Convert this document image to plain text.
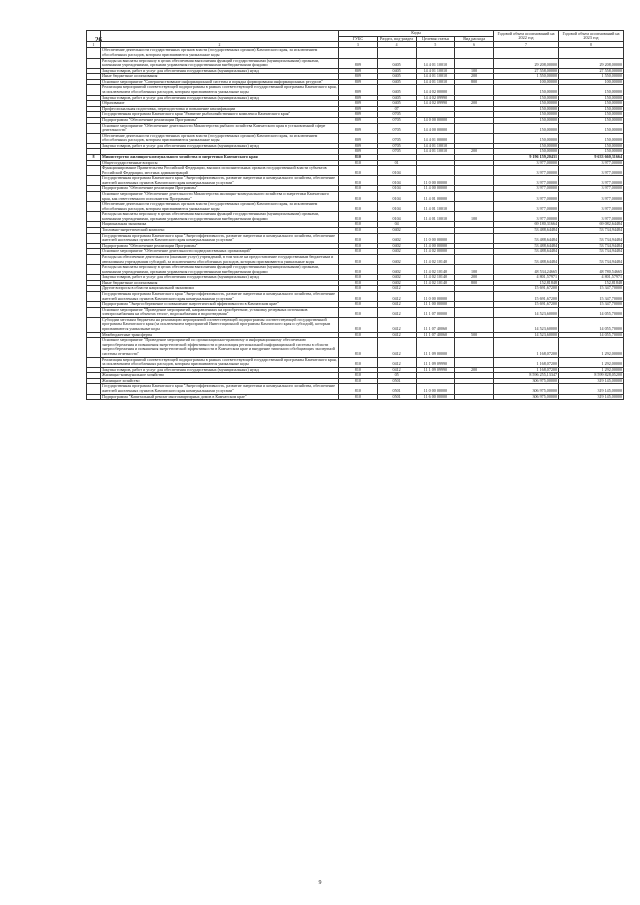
26
		Коды				Годовой объем ассигнований на 2022 год	Годовой объем ассигнований на 2023 год
		ГУБС	Раздел, под-раздел	Целевая статья	Вид расхода		
1	2	3	4	5	6	7	8
	Обеспечение деятельности государственных органов власти (государственных органов) Камчатского края, за исключением обособленных расходов, которым присваиваются уникальные коды						
	Расходы на выплаты персоналу в целях обеспечения выполнения функций государственными (муниципальными) органами, казенными учреждениями, органами управления государственными внебюджетными фондами	809	0405	14 4 01 10010		29 208,00000	29 208,00000
	Закупка товаров, работ и услуг для обеспечения государственных (муниципальных) нужд	809	0405	14 4 01 10010	100	27 558,00000	27 558,00000
	Иные бюджетные ассигнования	809	0405	14 4 01 10010	200	1 550,00000	1 550,00000
	Основное мероприятие "Совершенствование информационной системы и порядка формирования информационных ресурсов"	809	0405	14 4 01 10010	800	100,00000	100,00000
	Реализация мероприятий соответствующей подпрограммы в рамках соответствующей государственной программы Камчатского края, за исключением обособленных расходов, которым присваиваются уникальные коды	809	0405	14 4 02 00000		150,00000	150,00000
	Закупка товаров, работ и услуг для обеспечения государственных (муниципальных) нужд	809	0405	14 4 02 09990		150,00000	150,00000
	Образование	809	0405	14 4 02 09990	200	150,00000	150,00000
	Профессиональная подготовка, переподготовка и повышение квалификации	809	07			150,00000	150,00000
	Государственная программа Камчатского края "Развитие рыбохозяйственного комплекса Камчатского края"	809	0705			150,00000	150,00000
	Подпрограмма "Обеспечение реализации Программы"	809	0705	14 0 00 00000		150,00000	150,00000
	Основное мероприятие "Обеспечение деятельности Министерства рыбного хозяйства Камчатского края в установленной сфере деятельности"	809	0705	14 4 00 00000		150,00000	150,00000
	Обеспечение деятельности государственных органов власти (государственных органов) Камчатского края, за исключением обособленных расходов, которым присваиваются уникальные коды	809	0705	14 4 01 00000		150,00000	150,00000
	Закупка товаров, работ и услуг для обеспечения государственных (муниципальных) нужд	809	0705	14 4 01 10010		150,00000	150,00000
		809	0705	14 4 01 10010	200	150,00000	150,00000
8	Министерство жилищно-коммунального хозяйства и энергетики Камчатского края	810				9 196 159,20431	9 633 660,31664
	Общегосударственные вопросы	810	01			3 977,00000	3 977,00000
	Функционирование Правительства Российской Федерации, высших исполнительных органов государственной власти субъектов Российской Федерации, местных администраций	810	0104			3 977,00000	3 977,00000
	Государственная программа Камчатского края "Энергоэффективность, развитие энергетики и коммунального хозяйства, обеспечение жителей населенных пунктов Камчатского края коммунальными услугами"	810	0104	11 0 00 00000		3 977,00000	3 977,00000
	Подпрограмма "Обеспечение реализации Программы"	810	0104	11 4 00 00000		3 977,00000	3 977,00000
	Основное мероприятие "Обеспечение деятельности Министерства жилищно-коммунального хозяйства и энергетики Камчатского края, как ответственного исполнителя Программы"	810	0104	11 4 01 00000		3 977,00000	3 977,00000
	Обеспечение деятельности государственных органов власти (государственных органов) Камчатского края, за исключением обособленных расходов, которым присваиваются уникальные коды	810	0104	11 4 01 10010		3 977,00000	3 977,00000
	Расходы на выплаты персоналу в целях обеспечения выполнения функций государственными (муниципальными) органами, казенными учреждениями, органами управления государственными внебюджетными фондами	810	0104	11 4 01 10010	100	3 977,00000	3 977,00000
	Национальная экономика	810	04			69 180,31664	69 082,64484
	Топливно-энергетический комплекс	810	0402			53 488,64484	53 734,94484
	Государственная программа Камчатского края "Энергоэффективность, развитие энергетики и коммунального хозяйства, обеспечение жителей населенных пунктов Камчатского края коммунальными услугами"	810	0402	11 0 00 00000		53 488,64484	53 734,94484
	Подпрограмма "Обеспечение реализации Программы"	810	0402	11 4 00 00000		53 488,64484	53 734,94484
	Основное мероприятие "Обеспечение деятельности подведомственных организаций"	810	0402	11 4 02 00000		53 488,64484	53 734,94484
	Расходы на обеспечение деятельности (оказание услуг) учреждений, в том числе на предоставление государственным бюджетным и автономным учреждениям субсидий, за исключением обособленных расходов, которым присваиваются уникальные коды	810	0402	11 4 02 10140		53 488,64484	53 734,94484
	Расходы на выплаты персоналу в целях обеспечения выполнения функций государственными (муниципальными) органами, казенными учреждениями, органами управления государственными внебюджетными фондами	810	0402	11 4 02 10140	100	48 534,24665	48 780,54665
	Закупка товаров, работ и услуг для обеспечения государственных (муниципальных) нужд	810	0402	11 4 02 10140	200	4 801,57971	4 801,57971
	Иные бюджетные ассигнования	810	0402	11 4 02 10140	800	152,81848	152,81848
	Другие вопросы в области национальной экономики	810	0412			15 691,67200	15 347,70000
	Государственная программа Камчатского края "Энергоэффективность, развитие энергетики и коммунального хозяйства, обеспечение жителей населенных пунктов Камчатского края коммунальными услугами"	810	0412	11 0 00 00000		15 691,67200	15 347,70000
	Подпрограмма "Энергосбережение и повышение энергетической эффективности в Камчатском крае"	810	0412	11 1 00 00000		15 691,67200	15 347,70000
	Основное мероприятие "Проведение мероприятий, направленных на приобретение, установку резервных источников электроснабжения на объектах тепло-, водоснабжения и водоотведения"	810	0412	11 1 07 00000		14 523,60000	14 055,70000
	Субсидии местным бюджетам на реализацию мероприятий соответствующей подпрограммы соответствующей государственной программы Камчатского края (за исключением мероприятий Инвестиционной программы Камчатского края и субсидий), которым присваиваются уникальные коды	810	0412	11 1 07 40060		14 523,60000	14 055,70000
	Межбюджетные трансферты	810	0412	11 1 07 40060	500	14 523,60000	14 055,70000
	Основное мероприятие "Проведение мероприятий по организационно-правовому и информационному обеспечению энергосбережения и повышения энергетической эффективности и реализация региональной информационной системы в области энергосбережения и повышения энергетической эффективности в Камчатском крае и внедрение типичного обобщающих экспертной системы отчетности"	810	0412	11 1 09 00000		1 168,07200	1 292,00000
	Реализация мероприятий соответствующей подпрограммы в рамках соответствующей государственной программы Камчатского края, за исключением обособленных расходов, которым присваиваются уникальные коды	810	0412	11 1 09 09990		1 168,07200	1 292,00000
	Закупка товаров, работ и услуг для обеспечения государственных (муниципальных) нужд	810	0412	11 1 09 09990	200	1 168,07200	1 292,00000
	Жилищно-коммунальное хозяйство	810	05			8 596 255,13347	8 599 828,05200
	Жилищное хозяйство	810	0501			306 975,00000	319 145,00000
	Государственная программа Камчатского края "Энергоэффективность, развитие энергетики и коммунального хозяйства, обеспечение жителей населенных пунктов Камчатского края коммунальными услугами"	810	0501	11 0 00 00000		306 975,00000	319 145,00000
	Подпрограмма "Капитальный ремонт многоквартирных домов в Камчатском крае"	810	0501	11 6 00 00000		306 975,00000	319 145,00000
9
